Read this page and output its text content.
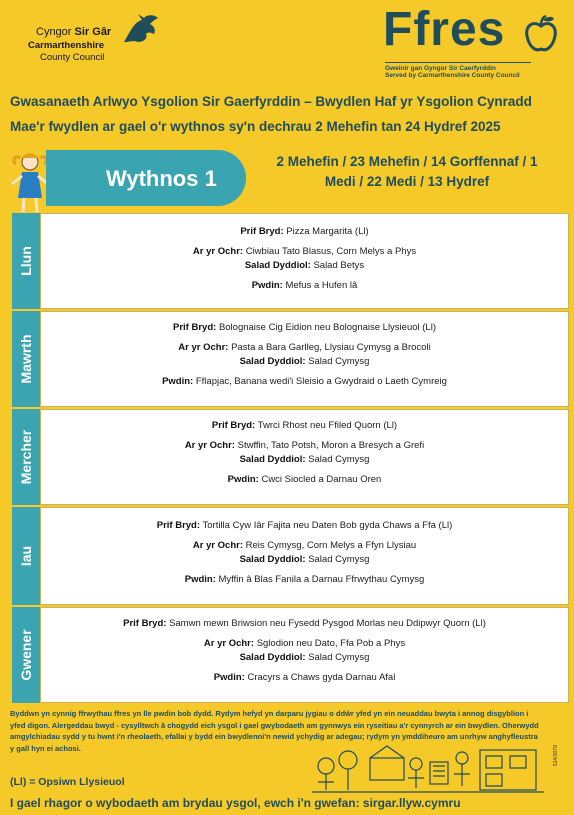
Cyngor Sir Gâr
Carmarthenshire
County Council
Ffres
Gweinir gan Gyngor Sir Caerfyrddin
Served by Carmarthenshire County Council
Gwasanaeth Arlwyo Ysgolion Sir Gaerfyrddin – Bwydlen Haf yr Ysgolion Cynradd
Mae'r fwydlen ar gael o'r wythnos sy'n dechrau 2 Mehefin tan 24 Hydref 2025
Wythnos 1
2 Mehefin / 23 Mehefin / 14 Gorffennaf / 1
Medi / 22 Medi / 13 Hydref
Llun
Prif Bryd: Pizza Margarita (Ll)
Ar yr Ochr: Ciwbiau Tato Blasus, Corn Melys a Phys
Salad Dyddiol: Salad Betys
Pwdin: Mefus a Hufen lâ
Mawrth
Prif Bryd: Bolognaise Cig Eidion neu Bolognaise Llysieuol (Ll)
Ar yr Ochr: Pasta a Bara Garlleg, Llysiau Cymysg a Brocoli
Salad Dyddiol: Salad Cymysg
Pwdin: Fflapjac, Banana wedi'i Sleisio a Gwydraid o Laeth Cymreig
Mercher
Prif Bryd: Twrci Rhost neu Ffiled Quorn (Ll)
Ar yr Ochr: Stwffin, Tato Potsh, Moron a Bresych a Grefi
Salad Dyddiol: Salad Cymysg
Pwdin: Cwci Siocled a Darnau Oren
Iau
Prif Bryd: Tortilla Cyw Iâr Fajita neu Daten Bob gyda Chaws a Ffa (Ll)
Ar yr Ochr: Reis Cymysg, Corn Melys a Ffyn Llysiau
Salad Dyddiol: Salad Cymysg
Pwdin: Myffin â Blas Fanila a Darnau Ffrwythau Cymysg
Gwener
Prif Bryd: Samwn mewn Briwsion neu Fysedd Pysgod Morlas neu Ddipwyr Quorn (Ll)
Ar yr Ochr: Sglodion neu Dato, Ffa Pob a Phys
Salad Dyddiol: Salad Cymysg
Pwdin: Cracyrs a Chaws gyda Darnau Afal
Byddwn yn cynnig ffrwythau ffres yn lle pwdin bob dydd. Rydym hefyd yn darparu jygiau o ddŵr yfed yn ein neuaddau bwyta i annog disgyblion i yfed digon. Alergeddau bwyd - cysylltwch â chogydd eich ysgol i gael gwybodaeth am gynnwys ein ryseitiau a'r cynnyrch ar ein bwydlen. Oherwydd amgylchiadau sydd y tu hwnt i'n rheolaeth, efallai y bydd ein bwydlenni'n newid ychydig ar adegau; rydym yn ymddiheuro am unrhyw anghyfleustra y gall hyn ei achosi.
(Ll) = Opsiwn Llysieuol
I gael rhagor o wybodaeth am brydau ysgol, ewch i'n gwefan: sirgar.llyw.cymru
514/3079
